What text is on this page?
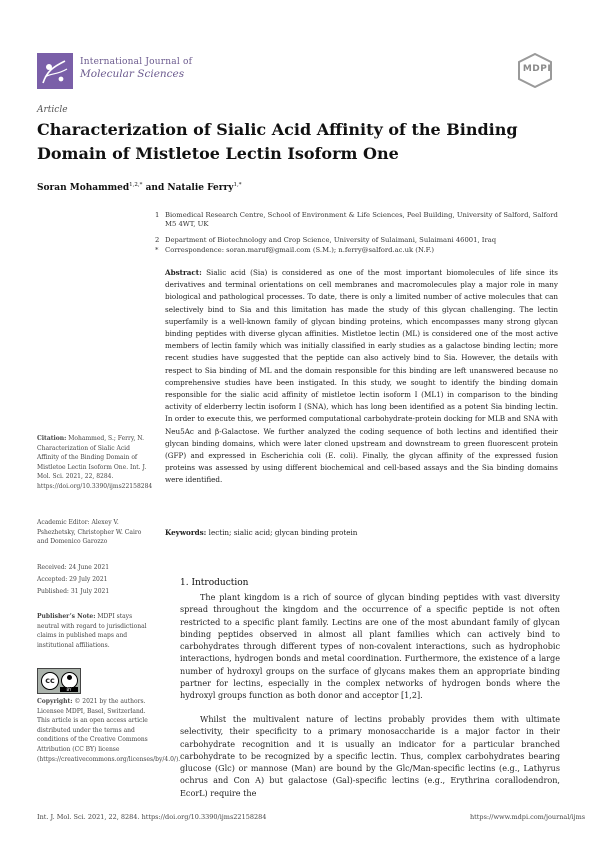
International Journal of
Molecular Sciences	MDPI
Article
Characterization of Sialic Acid Affinity of the Binding Domain of Mistletoe Lectin Isoform One
Soran Mohammed$^{1,2,*}$ and Natalie Ferry$^{1,*}$
1 Biomedical Research Centre, School of Environment & Life Sciences, Peel Building, University of Salford, Salford M5 4WT, UK
2 Department of Biotechnology and Crop Science, University of Sulaimani, Sulaimani 46001, Iraq
* Correspondence: soran.maruf@gmail.com (S.M.); n.ferry@salford.ac.uk (N.F.)
Abstract: Sialic acid (Sia) is considered as one of the most important biomolecules of life since its derivatives and terminal orientations on cell membranes and macromolecules play a major role in many biological and pathological processes. To date, there is only a limited number of active molecules that can selectively bind to Sia and this limitation has made the study of this glycan challenging. The lectin superfamily is a well-known family of glycan binding proteins, which encompasses many strong glycan binding peptides with diverse glycan affinities. Mistletoe lectin (ML) is considered one of the most active members of lectin family which was initially classified in early studies as a galactose binding lectin; more recent studies have suggested that the peptide can also actively bind to Sia. However, the details with respect to Sia binding of ML and the domain responsible for this binding are left unanswered because no comprehensive studies have been instigated. In this study, we sought to identify the binding domain responsible for the sialic acid affinity of mistletoe lectin isoform I (ML1) in comparison to the binding activity of elderberry lectin isoform I (SNA), which has long been identified as a potent Sia binding lectin. In order to execute this, we performed computational carbohydrate-protein docking for MLB and SNA with Neu5Ac and β-Galactose. We further analyzed the coding sequence of both lectins and identified their glycan binding domains, which were later cloned upstream and downstream to green fluorescent protein (GFP) and expressed in Escherichia coli (E. coli). Finally, the glycan affinity of the expressed fusion proteins was assessed by using different biochemical and cell-based assays and the Sia binding domains were identified.
Keywords: lectin; sialic acid; glycan binding protein
Citation: Mohammed, S.; Ferry, N. Characterization of Sialic Acid Affinity of the Binding Domain of Mistletoe Lectin Isoform One. Int. J. Mol. Sci. 2021, 22, 8284. https://doi.org/10.3390/ijms22158284
Academic Editor: Alexey V. Pshezhetsky, Christopher W. Cairo and Domenico Garozzo
Received: 24 June 2021
Accepted: 29 July 2021
Published: 31 July 2021
Publisher’s Note: MDPI stays neutral with regard to jurisdictional claims in published maps and institutional affiliations.
cc
BY
Copyright: © 2021 by the authors. Licensee MDPI, Basel, Switzerland. This article is an open access article distributed under the terms and conditions of the Creative Commons Attribution (CC BY) license (https://creativecommons.org/licenses/by/4.0/).
1. Introduction
The plant kingdom is a rich of source of glycan binding peptides with vast diversity spread throughout the kingdom and the occurrence of a specific peptide is not often restricted to a specific plant family. Lectins are one of the most abundant family of glycan binding peptides observed in almost all plant families which can actively bind to carbohydrates through different types of non-covalent interactions, such as hydrophobic interactions, hydrogen bonds and metal coordination. Furthermore, the existence of a large number of hydroxyl groups on the surface of glycans makes them an appropriate binding partner for lectins, especially in the complex networks of hydrogen bonds where the hydroxyl groups function as both donor and acceptor [1,2].
Whilst the multivalent nature of lectins probably provides them with ultimate selectivity, their specificity to a primary monosaccharide is a major factor in their carbohydrate recognition and it is usually an indicator for a particular branched carbohydrate to be recognized by a specific lectin. Thus, complex carbohydrates bearing glucose (Glc) or mannose (Man) are bound by the Glc/Man-specific lectins (e.g., Lathyrus ochrus and Con A) but galactose (Gal)-specific lectins (e.g., Erythrina corallodendron, EcorL) require the
Int. J. Mol. Sci. 2021, 22, 8284. https://doi.org/10.3390/ijms22158284	https://www.mdpi.com/journal/ijms
